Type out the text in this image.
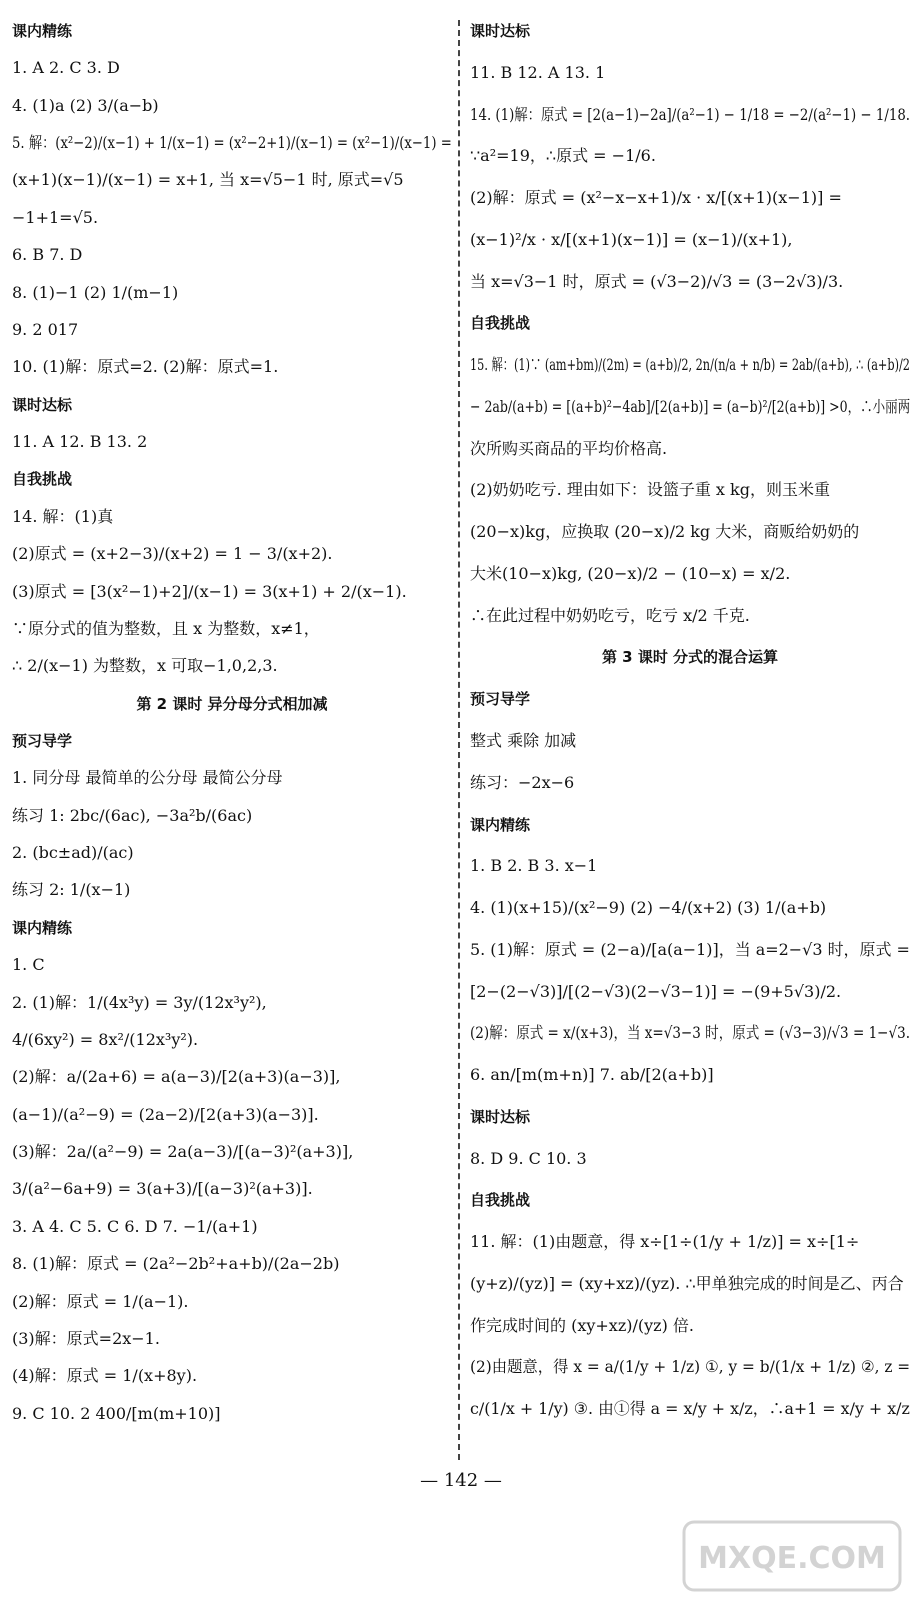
课内精练
1. A 2. C 3. D
4. (1)a (2) 3/(a−b)
5. 解：(x²−2)/(x−1) + 1/(x−1) = (x²−2+1)/(x−1) = (x²−1)/(x−1) =
(x+1)(x−1)/(x−1) = x+1, 当 x=√5−1 时, 原式=√5
−1+1=√5.
6. B 7. D
8. (1)−1 (2) 1/(m−1)
9. 2 017
10. (1)解：原式=2. (2)解：原式=1.
课时达标
11. A 12. B 13. 2
自我挑战
14. 解：(1)真
(2)原式 = (x+2−3)/(x+2) = 1 − 3/(x+2).
(3)原式 = [3(x²−1)+2]/(x−1) = 3(x+1) + 2/(x−1).
∵原分式的值为整数，且 x 为整数，x≠1，
∴ 2/(x−1) 为整数，x 可取−1,0,2,3.
第 2 课时 异分母分式相加减
预习导学
1. 同分母 最简单的公分母 最简公分母
练习 1: 2bc/(6ac), −3a²b/(6ac)
2. (bc±ad)/(ac)
练习 2: 1/(x−1)
课内精练
1. C
2. (1)解：1/(4x³y) = 3y/(12x³y²),
4/(6xy²) = 8x²/(12x³y²).
(2)解：a/(2a+6) = a(a−3)/[2(a+3)(a−3)],
(a−1)/(a²−9) = (2a−2)/[2(a+3)(a−3)].
(3)解：2a/(a²−9) = 2a(a−3)/[(a−3)²(a+3)],
3/(a²−6a+9) = 3(a+3)/[(a−3)²(a+3)].
3. A 4. C 5. C 6. D 7. −1/(a+1)
8. (1)解：原式 = (2a²−2b²+a+b)/(2a−2b)
(2)解：原式 = 1/(a−1).
(3)解：原式=2x−1.
(4)解：原式 = 1/(x+8y).
9. C 10. 2 400/[m(m+10)]
课时达标
11. B 12. A 13. 1
14. (1)解：原式 = [2(a−1)−2a]/(a²−1) − 1/18 = −2/(a²−1) − 1/18.
∵a²=19，∴原式 = −1/6.
(2)解：原式 = (x²−x−x+1)/x · x/[(x+1)(x−1)] =
(x−1)²/x · x/[(x+1)(x−1)] = (x−1)/(x+1),
当 x=√3−1 时，原式 = (√3−2)/√3 = (3−2√3)/3.
自我挑战
15. 解：(1)∵ (am+bm)/(2m) = (a+b)/2, 2n/(n/a + n/b) = 2ab/(a+b), ∴ (a+b)/2
− 2ab/(a+b) = [(a+b)²−4ab]/[2(a+b)] = (a−b)²/[2(a+b)] >0，∴小丽两
次所购买商品的平均价格高.
(2)奶奶吃亏. 理由如下：设篮子重 x kg，则玉米重
(20−x)kg，应换取 (20−x)/2 kg 大米，商贩给奶奶的
大米(10−x)kg, (20−x)/2 − (10−x) = x/2.
∴在此过程中奶奶吃亏，吃亏 x/2 千克.
第 3 课时 分式的混合运算
预习导学
整式 乘除 加减
练习：−2x−6
课内精练
1. B 2. B 3. x−1
4. (1)(x+15)/(x²−9) (2) −4/(x+2) (3) 1/(a+b)
5. (1)解：原式 = (2−a)/[a(a−1)]，当 a=2−√3 时，原式 =
[2−(2−√3)]/[(2−√3)(2−√3−1)] = −(9+5√3)/2.
(2)解：原式 = x/(x+3)，当 x=√3−3 时，原式 = (√3−3)/√3 = 1−√3.
6. an/[m(m+n)] 7. ab/[2(a+b)]
课时达标
8. D 9. C 10. 3
自我挑战
11. 解：(1)由题意，得 x÷[1÷(1/y + 1/z)] = x÷[1÷
(y+z)/(yz)] = (xy+xz)/(yz). ∴甲单独完成的时间是乙、丙合
作完成时间的 (xy+xz)/(yz) 倍.
(2)由题意，得 x = a/(1/y + 1/z) ①, y = b/(1/x + 1/z) ②, z =
c/(1/x + 1/y) ③. 由①得 a = x/y + x/z，∴a+1 = x/y + x/z
— 142 —
MXQE.COM
